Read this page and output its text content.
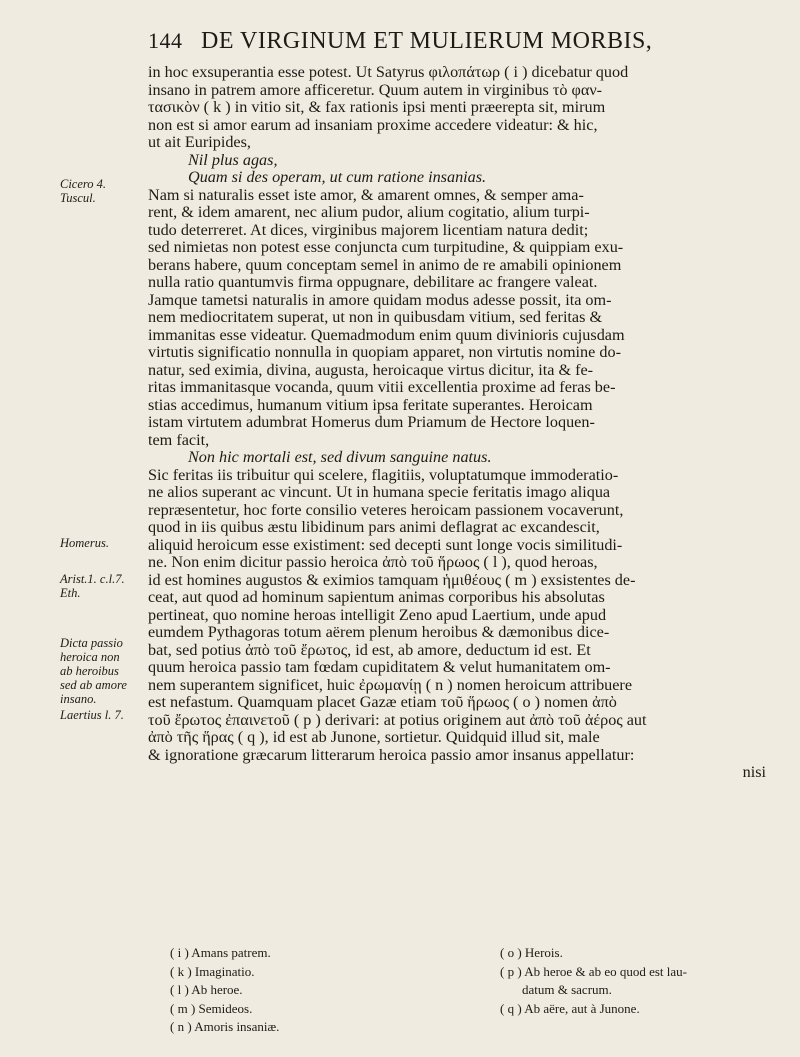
144 DE VIRGINUM ET MULIERUM MORBIS,
in hoc exsuperantia esse potest. Ut Satyrus φιλοπάτωρ ( i ) dicebatur quod
insano in patrem amore afficeretur. Quum autem in virginibus τὸ φαν-
τασικὸν ( k ) in vitio sit, & fax rationis ipsi menti præerepta sit, mirum
non est si amor earum ad insaniam proxime accedere videatur: & hic,
ut ait Euripides,
Nil plus agas,
Quam si des operam, ut cum ratione insanias.
Nam si naturalis esset iste amor, & amarent omnes, & semper ama-
rent, & idem amarent, nec alium pudor, alium cogitatio, alium turpi-
tudo deterreret. At dices, virginibus majorem licentiam natura dedit;
sed nimietas non potest esse conjuncta cum turpitudine, & quippiam exu-
berans habere, quum conceptam semel in animo de re amabili opinionem
nulla ratio quantumvis firma oppugnare, debilitare ac frangere valeat.
Jamque tametsi naturalis in amore quidam modus adesse possit, ita om-
nem mediocritatem superat, ut non in quibusdam vitium, sed feritas &
immanitas esse videatur. Quemadmodum enim quum divinioris cujusdam
virtutis significatio nonnulla in quopiam apparet, non virtutis nomine do-
natur, sed eximia, divina, augusta, heroicaque virtus dicitur, ita & fe-
ritas immanitasque vocanda, quum vitii excellentia proxime ad feras be-
stias accedimus, humanum vitium ipsa feritate superantes. Heroicam
istam virtutem adumbrat Homerus dum Priamum de Hectore loquen-
tem facit,
Non hic mortali est, sed divum sanguine natus.
Sic feritas iis tribuitur qui scelere, flagitiis, voluptatumque immoderatio-
ne alios superant ac vincunt. Ut in humana specie feritatis imago aliqua
repræsentetur, hoc forte consilio veteres heroicam passionem vocaverunt,
quod in iis quibus æstu libidinum pars animi deflagrat ac excandescit,
aliquid heroicum esse existiment: sed decepti sunt longe vocis similitudi-
ne. Non enim dicitur passio heroica ἀπὸ τοῦ ἥρωος ( l ), quod heroas,
id est homines augustos & eximios tamquam ἡμιθέους ( m ) exsistentes de-
ceat, aut quod ad hominum sapientum animas corporibus his absolutas
pertineat, quo nomine heroas intelligit Zeno apud Laertium, unde apud
eumdem Pythagoras totum aërem plenum heroibus & dæmonibus dice-
bat, sed potius ἀπὸ τοῦ ἔρωτος, id est, ab amore, deductum id est. Et
quum heroica passio tam fœdam cupiditatem & velut humanitatem om-
nem superantem significet, huic ἐρωμανίῃ ( n ) nomen heroicum attribuere
est nefastum. Quamquam placet Gazæ etiam τοῦ ἥρωος ( o ) nomen ἀπὸ
τοῦ ἔρωτος ἐπαινετοῦ ( p ) derivari: at potius originem aut ἀπὸ τοῦ ἀέρος aut
ἀπὸ τῆς ἥρας ( q ), id est ab Junone, sortietur. Quidquid illud sit, male
& ignoratione græcarum litterarum heroica passio amor insanus appellatur:
nisi
Cicero 4.
Tuscul.
Homerus.
Arist.1. c.l.7.
Eth.
Dicta passio
heroica non
ab heroibus
sed ab amore
insano.
Laertius l. 7.
( i ) Amans patrem.
( k ) Imaginatio.
( l ) Ab heroe.
( m ) Semideos.
( n ) Amoris insaniæ.
( o ) Herois.
( p ) Ab heroe & ab eo quod est lau-
datum & sacrum.
( q ) Ab aëre, aut à Junone.
